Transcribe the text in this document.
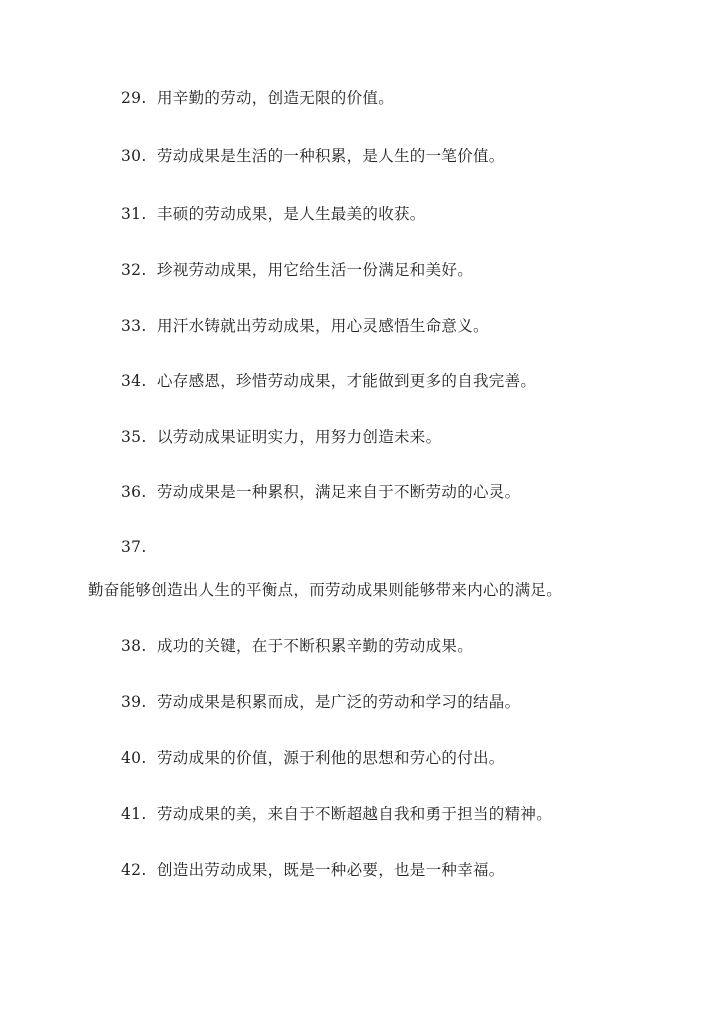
29. 用辛勤的劳动，创造无限的价值。
30. 劳动成果是生活的一种积累，是人生的一笔价值。
31. 丰硕的劳动成果，是人生最美的收获。
32. 珍视劳动成果，用它给生活一份满足和美好。
33. 用汗水铸就出劳动成果，用心灵感悟生命意义。
34. 心存感恩，珍惜劳动成果，才能做到更多的自我完善。
35. 以劳动成果证明实力，用努力创造未来。
36. 劳动成果是一种累积，满足来自于不断劳动的心灵。
37.
勤奋能够创造出人生的平衡点，而劳动成果则能够带来内心的满足。
38. 成功的关键，在于不断积累辛勤的劳动成果。
39. 劳动成果是积累而成，是广泛的劳动和学习的结晶。
40. 劳动成果的价值，源于利他的思想和劳心的付出。
41. 劳动成果的美，来自于不断超越自我和勇于担当的精神。
42. 创造出劳动成果，既是一种必要，也是一种幸福。
